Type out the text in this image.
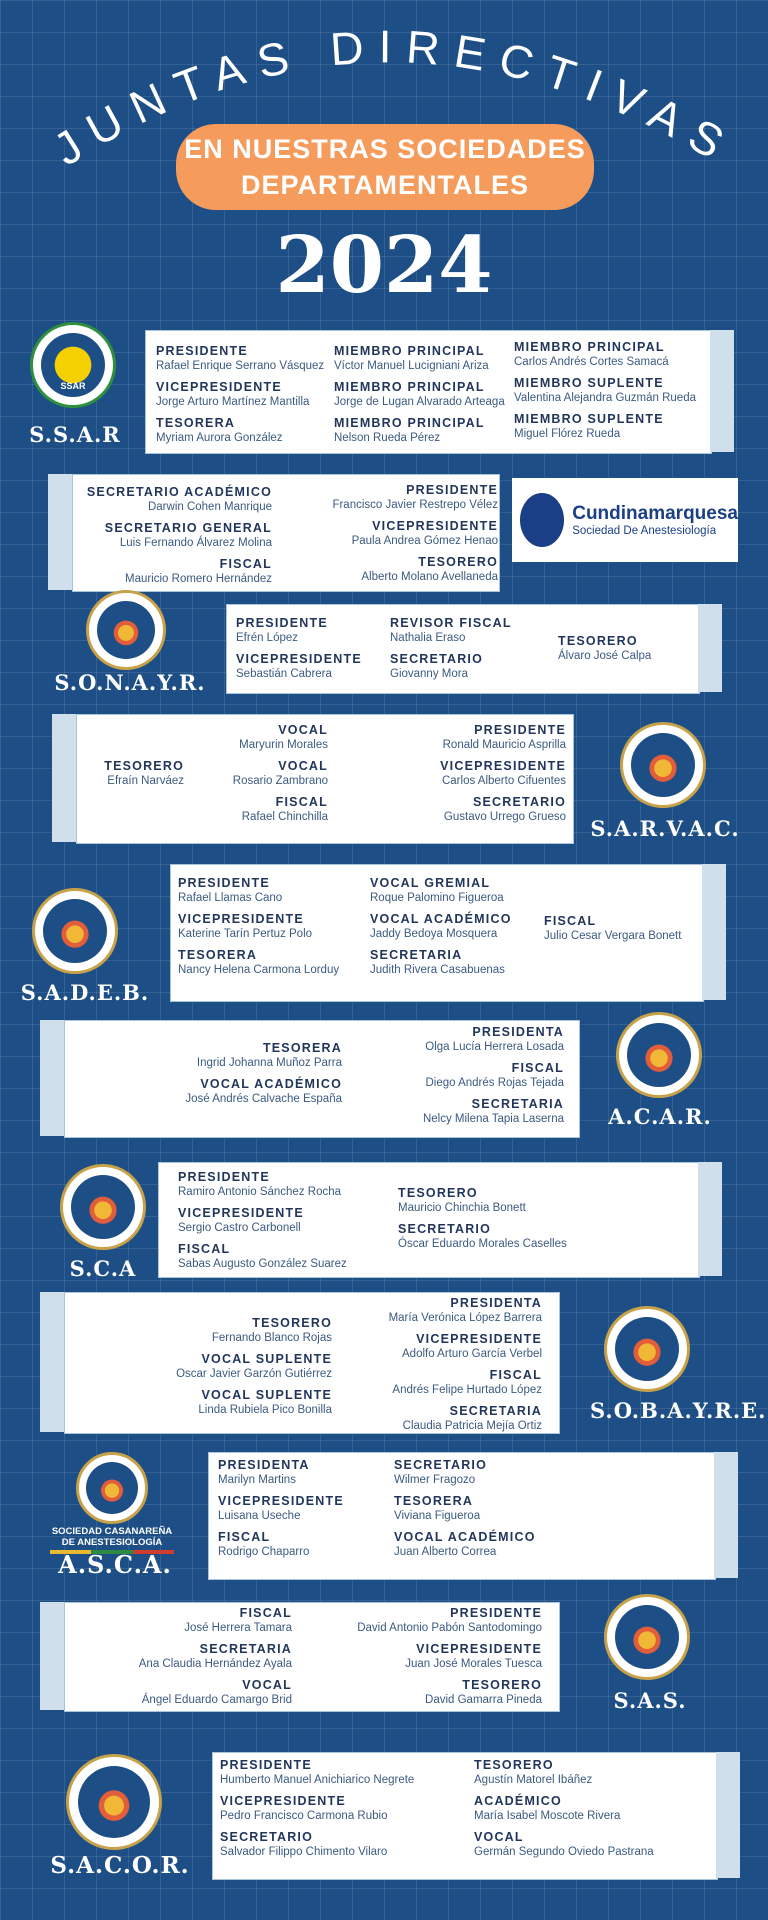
JUNTAS DIRECTIVAS
EN NUESTRAS SOCIEDADES
DEPARTAMENTALES
2024
SSAR
S.S.A.R
PRESIDENTE
Rafael Enrique Serrano Vásquez
VICEPRESIDENTE
Jorge Arturo Martínez Mantilla
TESORERA
Myriam Aurora González
MIEMBRO PRINCIPAL
Víctor Manuel Lucigniani Ariza
MIEMBRO PRINCIPAL
Jorge de Lugan Alvarado Arteaga
MIEMBRO PRINCIPAL
Nelson Rueda Pérez
MIEMBRO PRINCIPAL
Carlos Andrés Cortes Samacá
MIEMBRO SUPLENTE
Valentina Alejandra Guzmán Rueda
MIEMBRO SUPLENTE
Miguel Flórez Rueda
SECRETARIO ACADÉMICO
Darwin Cohen Manrique
SECRETARIO GENERAL
Luis Fernando Álvarez Molina
FISCAL
Mauricio Romero Hernández
PRESIDENTE
Francisco Javier Restrepo Vélez
VICEPRESIDENTE
Paula Andrea Gómez Henao
TESORERO
Alberto Molano Avellaneda
Cundinamarquesa
Sociedad De Anestesiología
S.O.N.A.Y.R.
PRESIDENTE
Efrén López
VICEPRESIDENTE
Sebastián Cabrera
REVISOR FISCAL
Nathalia Eraso
SECRETARIO
Giovanny Mora
TESORERO
Álvaro José Calpa
TESORERO
Efraín Narváez
VOCAL
Maryurin Morales
VOCAL
Rosario Zambrano
FISCAL
Rafael Chinchilla
PRESIDENTE
Ronald Mauricio Asprilla
VICEPRESIDENTE
Carlos Alberto Cifuentes
SECRETARIO
Gustavo Urrego Grueso S.A.R.V.A.C.
S.A.D.E.B.
PRESIDENTE
Rafael Llamas Cano
VICEPRESIDENTE
Katerine Tarín Pertuz Polo
TESORERA
Nancy Helena Carmona Lorduy
VOCAL GREMIAL
Roque Palomino Figueroa
VOCAL ACADÉMICO
Jaddy Bedoya Mosquera
SECRETARIA
Judith Rivera Casabuenas
FISCAL
Julio Cesar Vergara Bonett
TESORERA
Ingrid Johanna Muñoz Parra
VOCAL ACADÉMICO
José Andrés Calvache España
PRESIDENTA
Olga Lucía Herrera Losada
FISCAL
Diego Andrés Rojas Tejada
SECRETARIA
Nelcy Milena Tapia Laserna	A.C.A.R.
S.C.A
PRESIDENTE
Ramiro Antonio Sánchez Rocha
VICEPRESIDENTE
Sergio Castro Carbonell
FISCAL
Sabas Augusto González Suarez
TESORERO
Mauricio Chinchia Bonett
SECRETARIO
Óscar Eduardo Morales Caselles
TESORERO
Fernando Blanco Rojas
VOCAL SUPLENTE
Oscar Javier Garzón Gutiérrez
VOCAL SUPLENTE
Linda Rubiela Pico Bonilla
PRESIDENTA
María Verónica López Barrera
VICEPRESIDENTE
Adolfo Arturo García Verbel
FISCAL
Andrés Felipe Hurtado López
SECRETARIA
Claudia Patricia Mejía Ortiz
S.O.B.A.Y.R.E.
SOCIEDAD CASANAREÑA DE ANESTESIOLOGÍA
A.S.C.A.
PRESIDENTA
Marilyn Martins
VICEPRESIDENTE
Luisana Useche
FISCAL
Rodrigo Chaparro
SECRETARIO
Wilmer Fragozo
TESORERA
Viviana Figueroa
VOCAL ACADÉMICO
Juan Alberto Correa
FISCAL
José Herrera Tamara
SECRETARIA
Ana Claudia Hernández Ayala
VOCAL
Ángel Eduardo Camargo Brid
PRESIDENTE
David Antonio Pabón Santodomingo
VICEPRESIDENTE
Juan José Morales Tuesca
TESORERO
David Gamarra Pineda	S.A.S.
S.A.C.O.R.
PRESIDENTE
Humberto Manuel Anichiarico Negrete
VICEPRESIDENTE
Pedro Francisco Carmona Rubio
SECRETARIO
Salvador Filippo Chimento Vilaro
TESORERO
Agustín Matorel Ibáñez
ACADÉMICO
María Isabel Moscote Rivera
VOCAL
Germán Segundo Oviedo Pastrana
